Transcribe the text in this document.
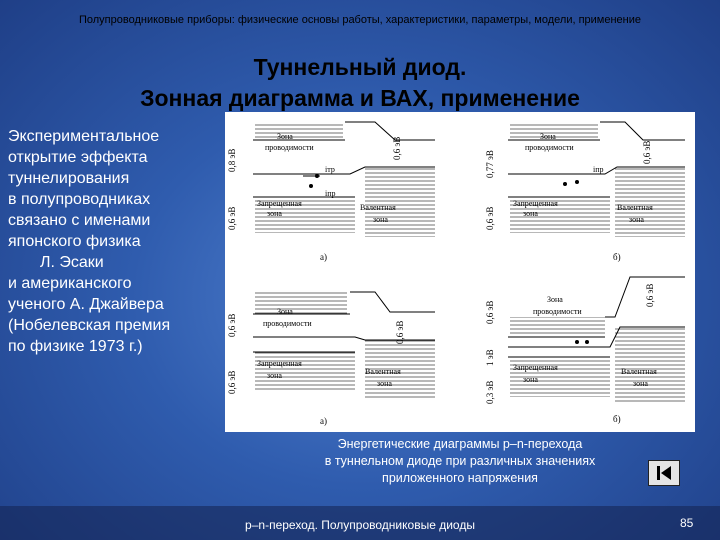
Полупроводниковые приборы: физические основы работы, характеристики, параметры, модели, применение
Туннельный диод.
Зонная диаграмма и ВАХ, применение
Экспериментальное
открытие эффекта
туннелирования
в полупроводниках
связано с именами
японского физика
Л. Эсаки
и американского
ученого А. Джайвера
(Нобелевская премия
по физике 1973 г.)
Зона
проводимости
Запрещенная
зона
Валентная
зона
iтр
iпр
а)
0,8 эВ
0,6 эВ
0,6 эВ
Зона
проводимости
Запрещенная
зона
Валентная
зона
iпр
б)
0,77 эВ
0,6 эВ
0,6 эВ
Зона
проводимости
Запрещенная
зона	Валентная
зона
а)
0,6 эВ
0,6 эВ
0,6 эВ
Зона
проводимости
Запрещенная
зона
Валентная
зона
б)
0,6 эВ
1 эВ
0,3 эВ
0,6 эВ
Энергетические диаграммы p–n-перехода
в туннельном диоде при различных значениях
приложенного напряжения
p–n-переход. Полупроводниковые диоды	85
